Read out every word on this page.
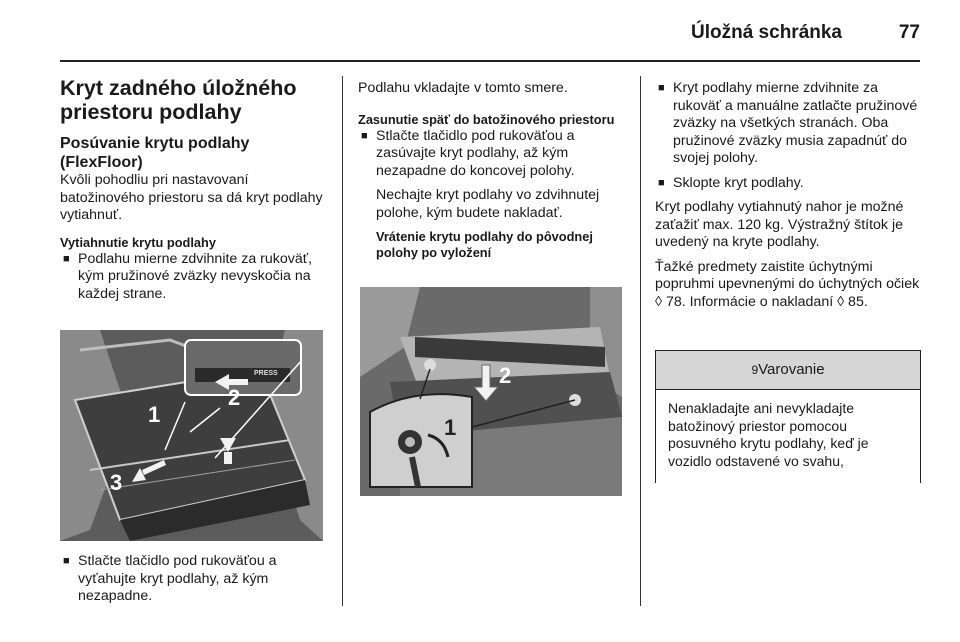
Úložná schránka	77
Kryt zadného úložného priestoru podlahy
Posúvanie krytu podlahy (FlexFloor)

Kvôli pohodliu pri nastavovaní batožinového priestoru sa dá kryt podlahy vytiahnuť.

Vytiahnutie krytu podlahy
■ Podlahu mierne zdvihnite za rukoväť, kým pružinové zväzky nevyskočia na každej strane.
PRESS
1
2
3
■ Stlačte tlačidlo pod rukoväťou a vyťahujte kryt podlahy, až kým nezapadne.

Podlahu vkladajte v tomto smere.

Zasunutie späť do batožinového priestoru
■ Stlačte tlačidlo pod rukoväťou a zasúvajte kryt podlahy, až kým nezapadne do koncovej polohy.

Nechajte kryt podlahy vo zdvihnutej polohe, kým budete nakladať.

Vrátenie krytu podlahy do pôvodnej polohy po vyložení
1
2
■ Kryt podlahy mierne zdvihnite za rukoväť a manuálne zatlačte pružinové zväzky na všetkých stranách. Oba pružinové zväzky musia zapadnúť do svojej polohy.
■ Sklopte kryt podlahy.

Kryt podlahy vytiahnutý nahor je možné zaťažiť max. 120 kg. Výstražný štítok je uvedený na kryte podlahy.

Ťažké predmety zaistite úchytnými popruhmi upevnenými do úchytných očiek ◊ 78. Informácie o nakladaní ◊ 85.

9Varovanie
Nenakladajte ani nevykladajte batožinový priestor pomocou posuvného krytu podlahy, keď je vozidlo odstavené vo svahu,
